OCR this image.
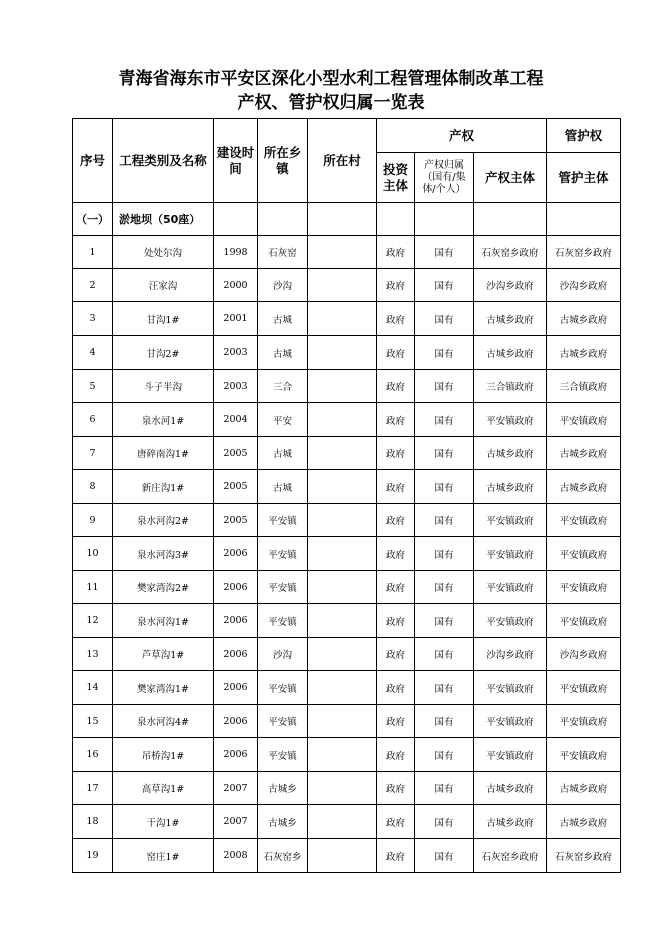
青海省海东市平安区深化小型水利工程管理体制改革工程
产权、管护权归属一览表
序号	工程类别及名称	建设时间	所在乡镇	所在村	产权			管护权
					投资主体	产权归属（国有/集体/个人）	产权主体	管护主体
（一）	淤地坝（50座）							
1	处处尔沟	1998	石灰窑		政府	国有	石灰窑乡政府	石灰窑乡政府
2	汪家沟	2000	沙沟		政府	国有	沙沟乡政府	沙沟乡政府
3	甘沟1#	2001	古城		政府	国有	古城乡政府	古城乡政府
4	甘沟2#	2003	古城		政府	国有	古城乡政府	古城乡政府
5	斗子半沟	2003	三合		政府	国有	三合镇政府	三合镇政府
6	泉水河1#	2004	平安		政府	国有	平安镇政府	平安镇政府
7	唐碎南沟1#	2005	古城		政府	国有	古城乡政府	古城乡政府
8	新庄沟1#	2005	古城		政府	国有	古城乡政府	古城乡政府
9	泉水河沟2#	2005	平安镇		政府	国有	平安镇政府	平安镇政府
10	泉水河沟3#	2006	平安镇		政府	国有	平安镇政府	平安镇政府
11	樊家湾沟2#	2006	平安镇		政府	国有	平安镇政府	平安镇政府
12	泉水河沟1#	2006	平安镇		政府	国有	平安镇政府	平安镇政府
13	芦草沟1#	2006	沙沟		政府	国有	沙沟乡政府	沙沟乡政府
14	樊家湾沟1#	2006	平安镇		政府	国有	平安镇政府	平安镇政府
15	泉水河沟4#	2006	平安镇		政府	国有	平安镇政府	平安镇政府
16	吊桥沟1#	2006	平安镇		政府	国有	平安镇政府	平安镇政府
17	高草沟1#	2007	古城乡		政府	国有	古城乡政府	古城乡政府
18	干沟1#	2007	古城乡		政府	国有	古城乡政府	古城乡政府
19	窑庄1#	2008	石灰窑乡		政府	国有	石灰窑乡政府	石灰窑乡政府
